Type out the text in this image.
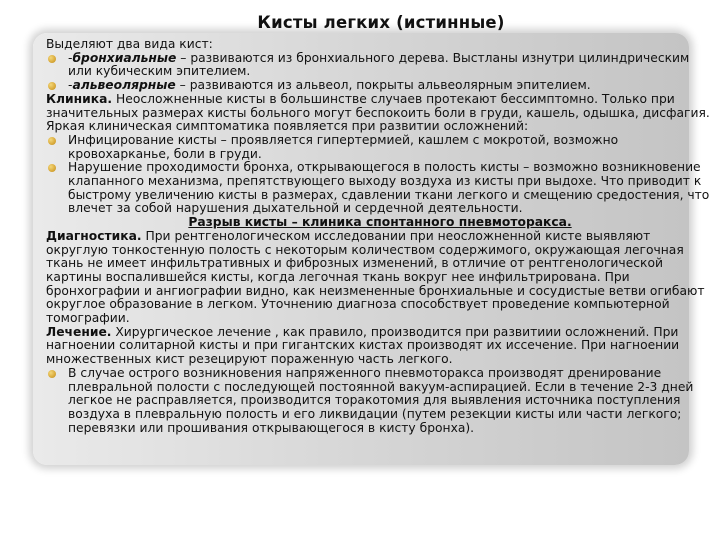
Кисты легких (истинные)

Выделяют два вида кист:

-бронхиальные – развиваются из бронхиального дерева. Выстланы изнутри цилиндрическим или кубическим эпителием.

-альвеолярные – развиваются из альвеол, покрыты альвеолярным эпителием.

Клиника. Неосложненные кисты в большинстве случаев протекают бессимптомно. Только при значительных размерах кисты больного могут беспокоить боли в груди, кашель, одышка, дисфагия. Яркая клиническая симптоматика появляется при развитии осложнений:

Инфицирование кисты – проявляется гипертермией, кашлем с мокротой, возможно кровохарканье, боли в груди.

Нарушение проходимости бронха, открывающегося в полость кисты – возможно возникновение клапанного механизма, препятствующего выходу воздуха из кисты при выдохе. Что приводит к быстрому увеличению кисты в размерах, сдавлении ткани легкого и смещению средостения, что влечет за собой нарушения дыхательной и сердечной деятельности.

Разрыв кисты – клиника спонтанного пневмоторакса.

Диагностика. При рентгенологическом исследовании при неосложненной кисте выявляют округлую тонкостенную полость с некоторым количеством содержимого, окружающая легочная ткань не имеет инфильтративных и фиброзных изменений, в отличие от рентгенологической картины воспалившейся кисты, когда легочная ткань вокруг нее инфильтрирована. При бронхографии и ангиографии видно, как неизмененные бронхиальные и сосудистые ветви огибают округлое образование в легком. Уточнению диагноза способствует проведение компьютерной томографии.

Лечение. Хирургическое лечение , как правило, производится при развитиии осложнений. При нагноении солитарной кисты и при гигантских кистах производят их иссечение. При нагноении множественных кист резецируют пораженную часть легкого.

В случае острого возникновения напряженного пневмоторакса производят дренирование плевральной полости с последующей постоянной вакуум-аспирацией. Если в течение 2-3 дней легкое не расправляется, производится торакотомия для выявления источника поступления воздуха в плевральную полость и его ликвидации (путем резекции кисты или части легкого; перевязки или прошивания открывающегося в кисту бронха).
